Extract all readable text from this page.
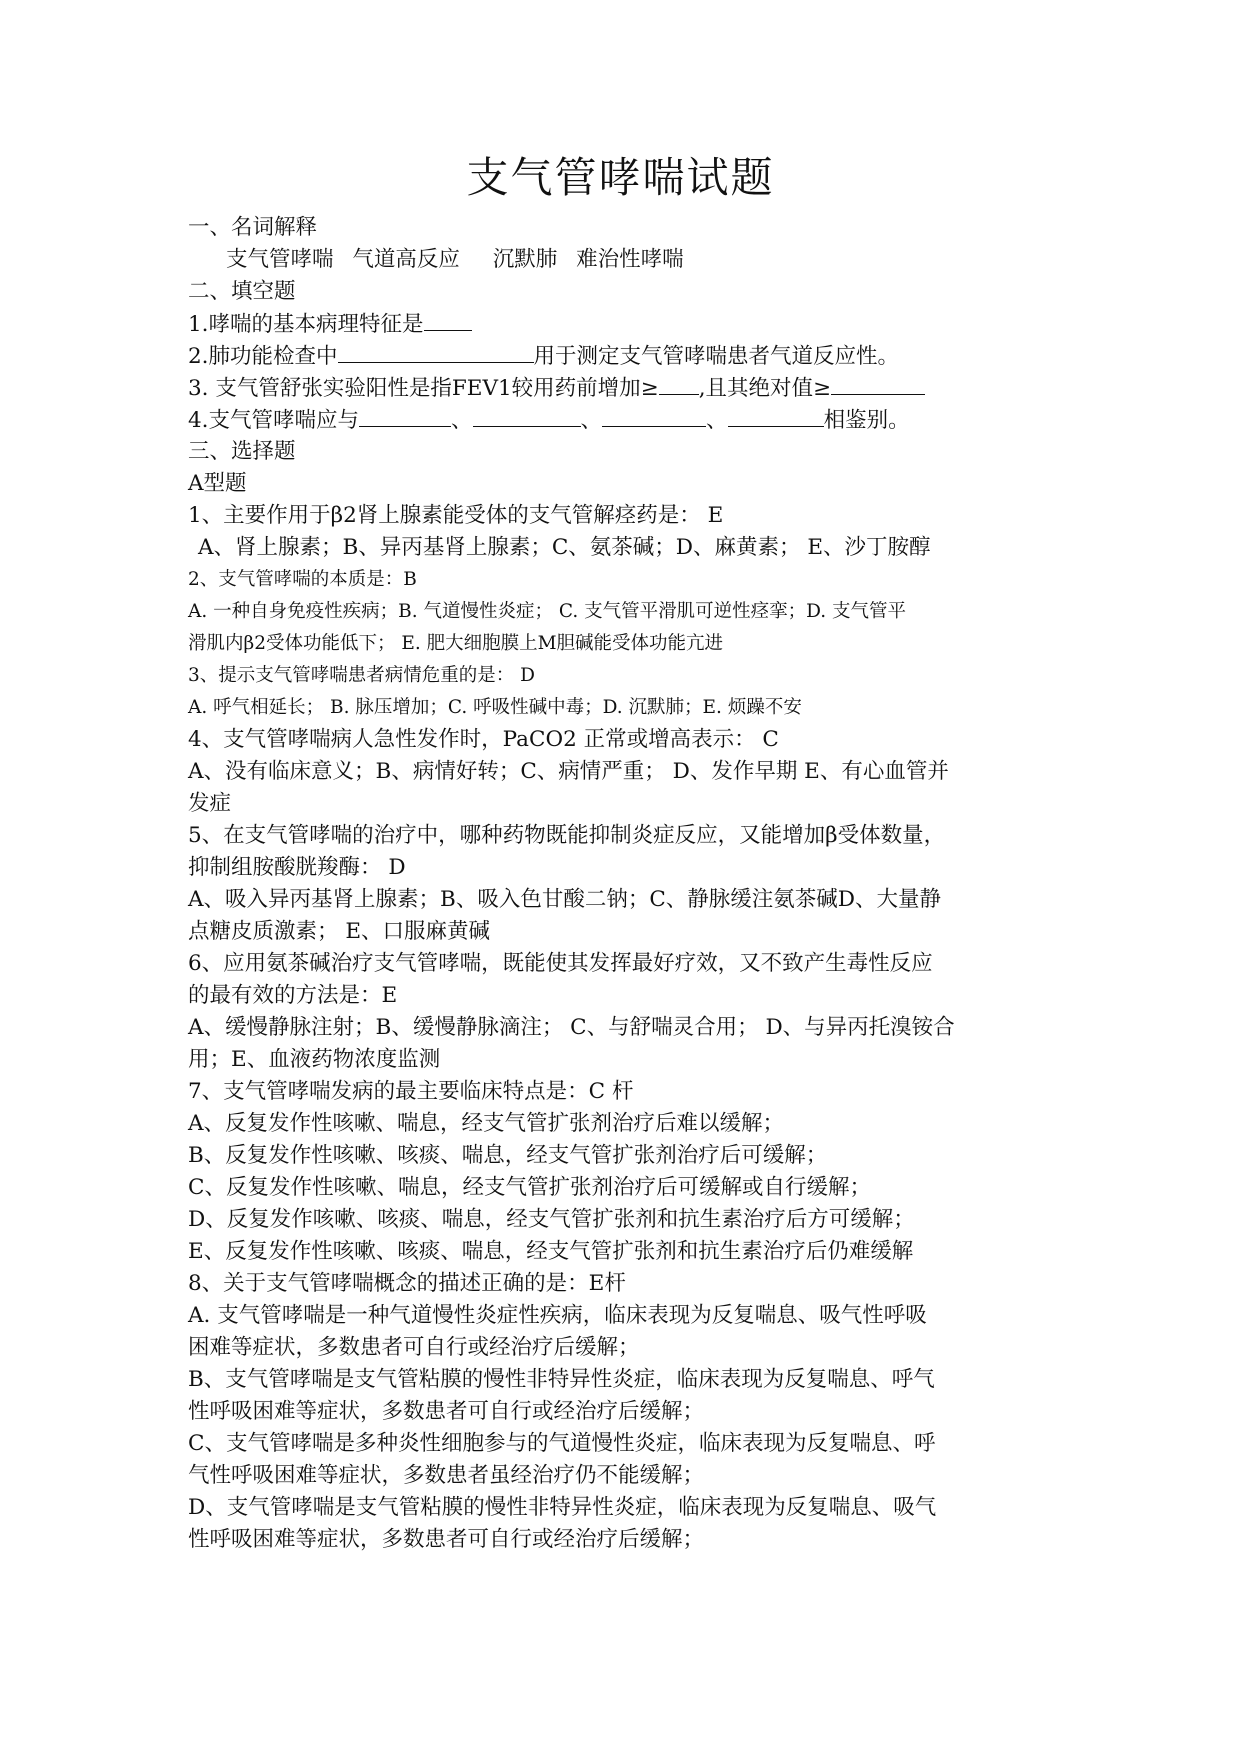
支气管哮喘试题
一、名词解释
支气管哮喘 气道高反应 沉默肺 难治性哮喘
二、填空题
1.哮喘的基本病理特征是
2.肺功能检查中	用于测定支气管哮喘患者气道反应性。
3. 支气管舒张实验阳性是指FEV1较用药前增加≥ ,且其绝对值≥
4.支气管哮喘应与	、	、	、	相鉴别。
三、选择题
A型题
1、主要作用于β2肾上腺素能受体的支气管解痉药是： E
A、肾上腺素；B、异丙基肾上腺素；C、氨茶碱；D、麻黄素； E、沙丁胺醇
2、支气管哮喘的本质是：B
A. 一种自身免疫性疾病；B. 气道慢性炎症； C. 支气管平滑肌可逆性痉挛；D. 支气管平
滑肌内β2受体功能低下； E. 肥大细胞膜上M胆碱能受体功能亢进
3、提示支气管哮喘患者病情危重的是： D
A. 呼气相延长； B. 脉压增加；C. 呼吸性碱中毒；D. 沉默肺；E. 烦躁不安
4、支气管哮喘病人急性发作时，PaCO2 正常或增高表示： C
A、没有临床意义；B、病情好转；C、病情严重； D、发作早期 E、有心血管并
发症
5、在支气管哮喘的治疗中，哪种药物既能抑制炎症反应，又能增加β受体数量，
抑制组胺酸胱羧酶： D
A、吸入异丙基肾上腺素；B、吸入色甘酸二钠；C、静脉缓注氨茶碱D、大量静
点糖皮质激素； E、口服麻黄碱
6、应用氨茶碱治疗支气管哮喘，既能使其发挥最好疗效，又不致产生毒性反应
的最有效的方法是：E
A、缓慢静脉注射；B、缓慢静脉滴注； C、与舒喘灵合用； D、与异丙托溴铵合
用；E、血液药物浓度监测
7、支气管哮喘发病的最主要临床特点是：C 杆
A、反复发作性咳嗽、喘息，经支气管扩张剂治疗后难以缓解；
B、反复发作性咳嗽、咳痰、喘息，经支气管扩张剂治疗后可缓解；
C、反复发作性咳嗽、喘息，经支气管扩张剂治疗后可缓解或自行缓解；
D、反复发作咳嗽、咳痰、喘息，经支气管扩张剂和抗生素治疗后方可缓解；
E、反复发作性咳嗽、咳痰、喘息，经支气管扩张剂和抗生素治疗后仍难缓解
8、关于支气管哮喘概念的描述正确的是：E杆
A. 支气管哮喘是一种气道慢性炎症性疾病，临床表现为反复喘息、吸气性呼吸
困难等症状，多数患者可自行或经治疗后缓解；
B、支气管哮喘是支气管粘膜的慢性非特异性炎症，临床表现为反复喘息、呼气
性呼吸困难等症状，多数患者可自行或经治疗后缓解；
C、支气管哮喘是多种炎性细胞参与的气道慢性炎症，临床表现为反复喘息、呼
气性呼吸困难等症状，多数患者虽经治疗仍不能缓解；
D、支气管哮喘是支气管粘膜的慢性非特异性炎症，临床表现为反复喘息、吸气
性呼吸困难等症状，多数患者可自行或经治疗后缓解；
